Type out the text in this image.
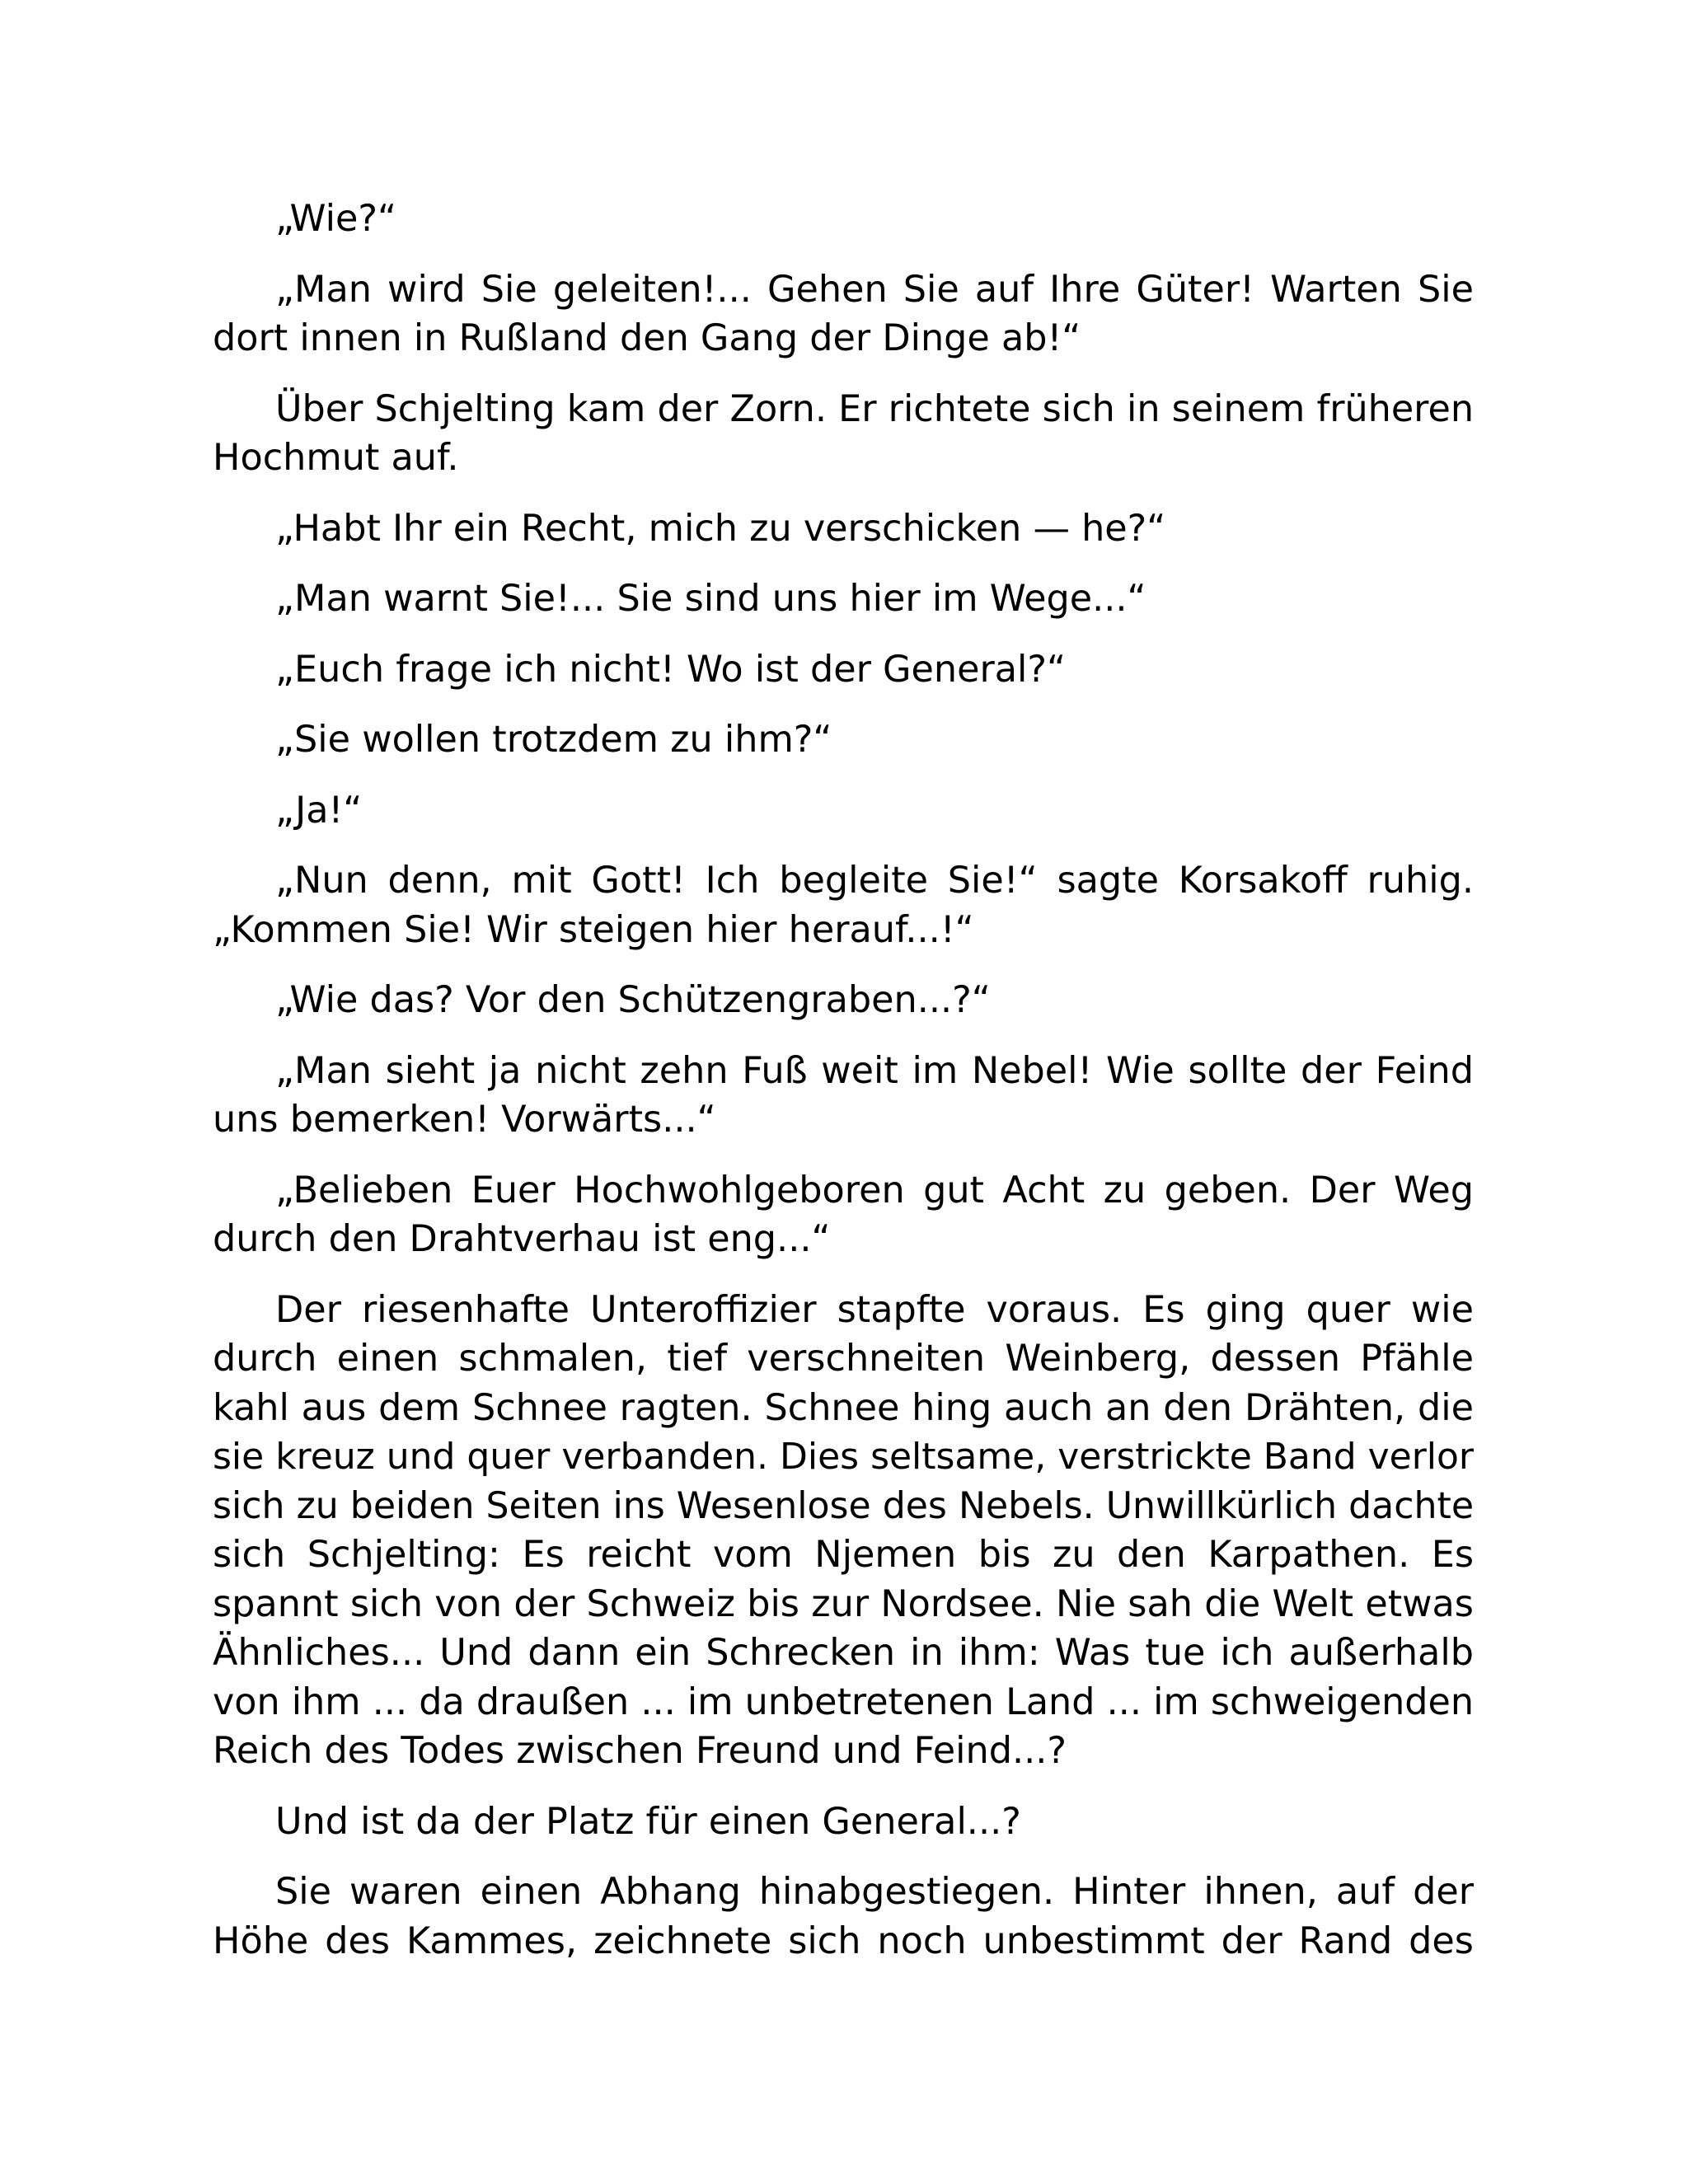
„Wie?“

„Man wird Sie geleiten!... Gehen Sie auf Ihre Güter! Warten Sie
dort innen in Rußland den Gang der Dinge ab!“

Über Schjelting kam der Zorn. Er richtete sich in seinem früheren
Hochmut auf.

„Habt Ihr ein Recht, mich zu verschicken — he?“

„Man warnt Sie!... Sie sind uns hier im Wege...“

„Euch frage ich nicht! Wo ist der General?“

„Sie wollen trotzdem zu ihm?“

„Ja!“

„Nun denn, mit Gott! Ich begleite Sie!“ sagte Korsakoff ruhig.
„Kommen Sie! Wir steigen hier herauf...!“

„Wie das? Vor den Schützengraben...?“

„Man sieht ja nicht zehn Fuß weit im Nebel! Wie sollte der Feind
uns bemerken! Vorwärts...“

„Belieben Euer Hochwohlgeboren gut Acht zu geben. Der Weg
durch den Drahtverhau ist eng...“

Der riesenhafte Unteroffizier stapfte voraus. Es ging quer wie
durch einen schmalen, tief verschneiten Weinberg, dessen Pfähle
kahl aus dem Schnee ragten. Schnee hing auch an den Drähten, die
sie kreuz und quer verbanden. Dies seltsame, verstrickte Band verlor
sich zu beiden Seiten ins Wesenlose des Nebels. Unwillkürlich dachte
sich Schjelting: Es reicht vom Njemen bis zu den Karpathen. Es
spannt sich von der Schweiz bis zur Nordsee. Nie sah die Welt etwas
Ähnliches... Und dann ein Schrecken in ihm: Was tue ich außerhalb
von ihm ... da draußen ... im unbetretenen Land ... im schweigenden
Reich des Todes zwischen Freund und Feind...?

Und ist da der Platz für einen General...?

Sie waren einen Abhang hinabgestiegen. Hinter ihnen, auf der
Höhe des Kammes, zeichnete sich noch unbestimmt der Rand des
